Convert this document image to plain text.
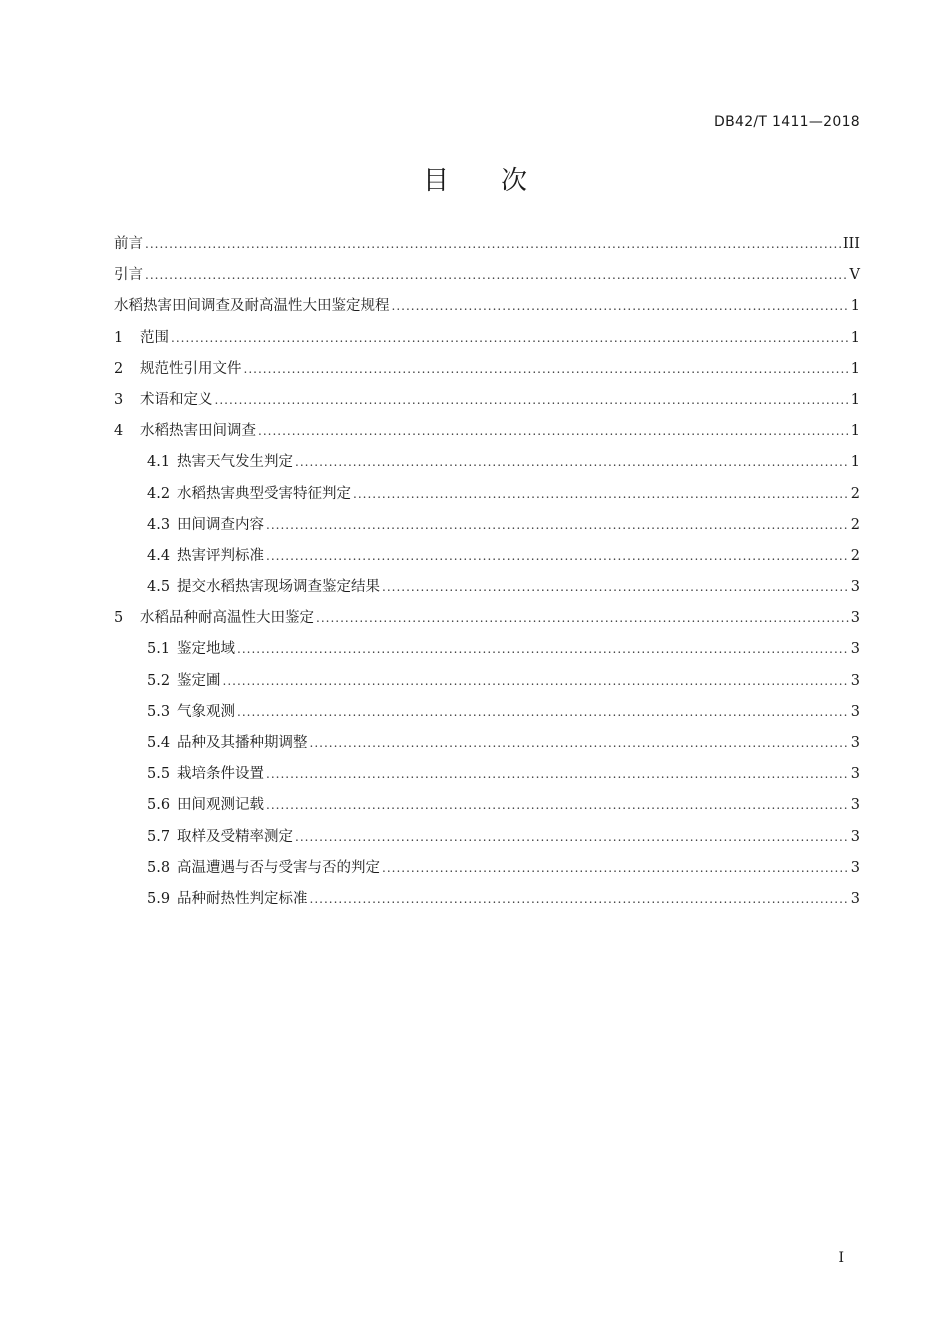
DB42/T 1411—2018
目 次
前言 .....	III
引言 .....	V
水稻热害田间调查及耐高温性大田鉴定规程 .....	1
1	范围 .....	1
2	规范性引用文件 .....	1
3	术语和定义 .....	1
4	水稻热害田间调查 .....	1
4.1 热害天气发生判定 .....	1
4.2 水稻热害典型受害特征判定 .....	2
4.3 田间调查内容 .....	2
4.4 热害评判标准 .....	2
4.5 提交水稻热害现场调查鉴定结果 .....	3
5	水稻品种耐高温性大田鉴定 .....	3
5.1 鉴定地域 .....	3
5.2 鉴定圃 .....	3
5.3 气象观测 .....	3
5.4 品种及其播种期调整 .....	3
5.5 栽培条件设置 .....	3
5.6 田间观测记载 .....	3
5.7 取样及受精率测定 .....	3
5.8 高温遭遇与否与受害与否的判定 .....	3
5.9 品种耐热性判定标准 .....	3
I
